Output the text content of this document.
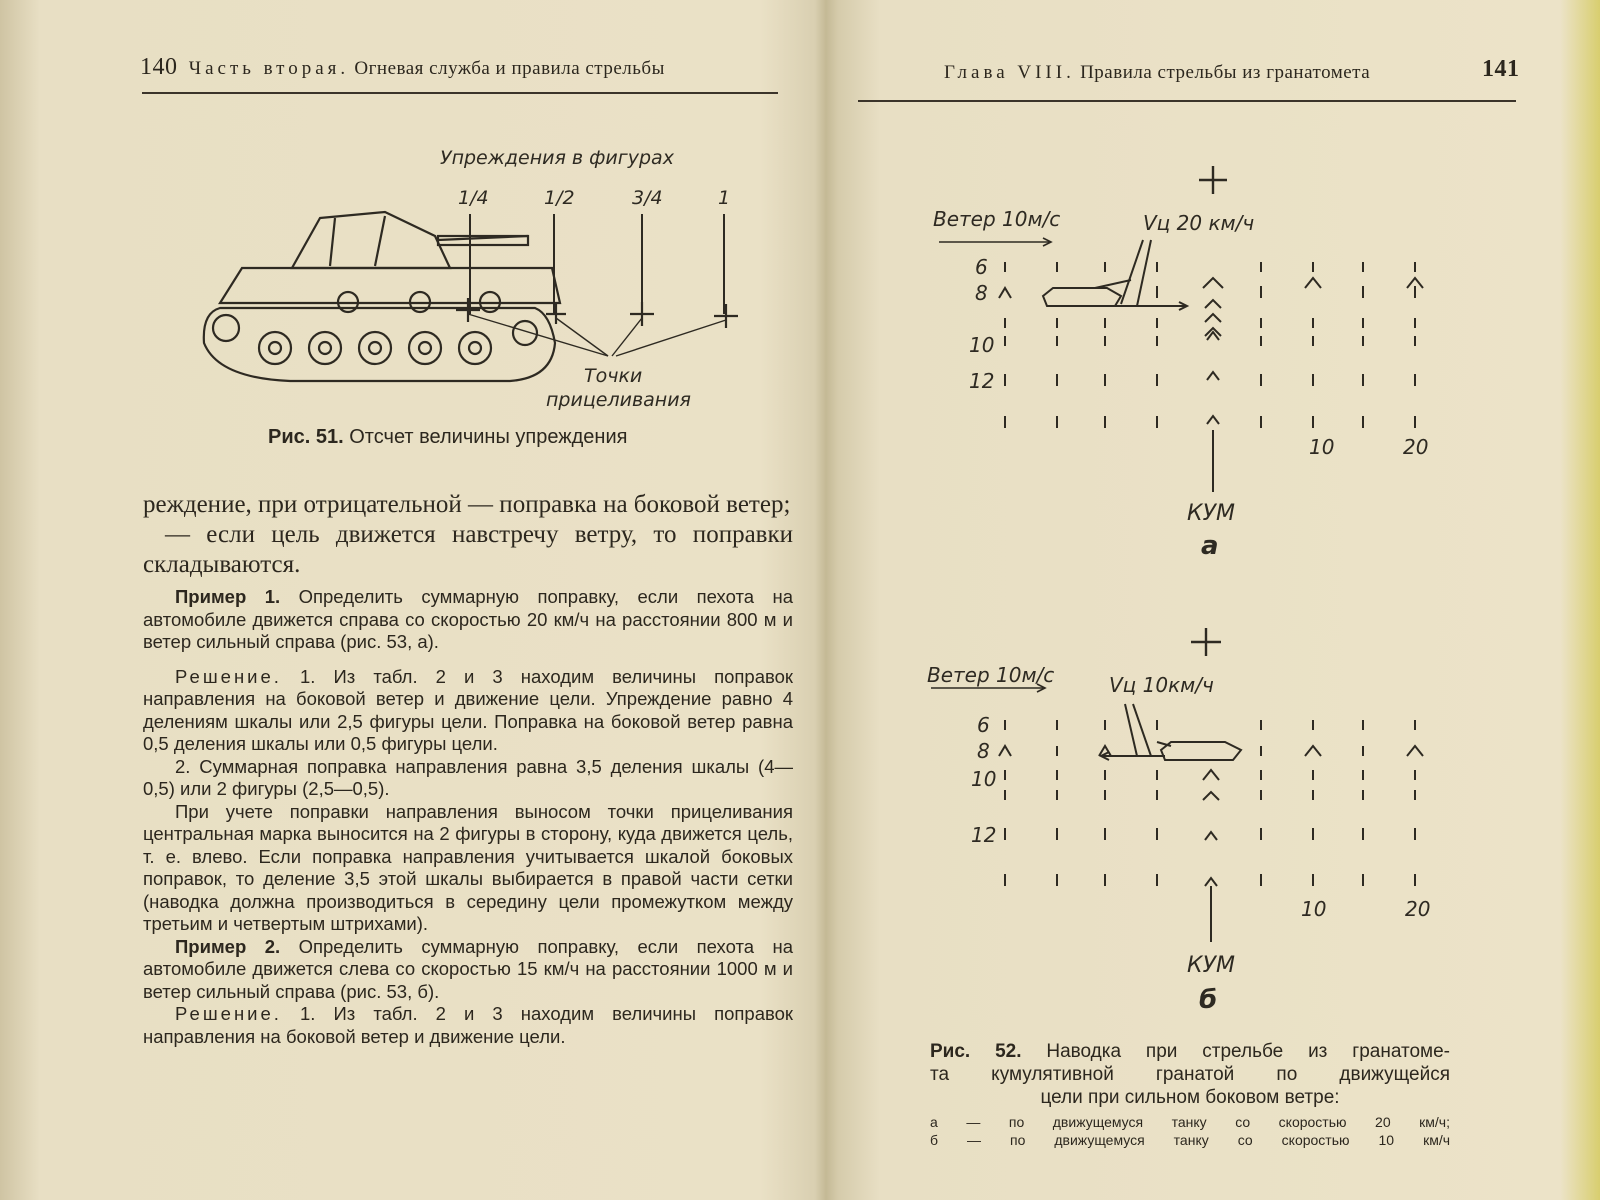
140 Часть вторая. Огневая служба и правила стрельбы
Упреждения в фигурах
1/4	1/2	3/4	1
Точки
прицеливания
Рис. 51. Отсчет величины упреждения

реждение, при отрицательной — поправка на боковой ветер;

— если цель движется навстречу ветру, то поправки складываются.

Пример 1. Определить суммарную поправку, если пехота на автомобиле движется справа со скоростью 20 км/ч на расстоянии 800 м и ветер сильный справа (рис. 53, а).

Решение. 1. Из табл. 2 и 3 находим величины поправок направления на боковой ветер и движение цели. Упреждение равно 4 делениям шкалы или 2,5 фигуры цели. Поправка на боковой ветер равна 0,5 деления шкалы или 0,5 фигуры цели.

2. Суммарная поправка направления равна 3,5 деления шкалы (4—0,5) или 2 фигуры (2,5—0,5).

При учете поправки направления выносом точки прицеливания центральная марка выносится на 2 фигуры в сторону, куда движется цель, т. е. влево. Если поправка направления учитывается шкалой боковых поправок, то деление 3,5 этой шкалы выбирается в правой части сетки (наводка должна производиться в середину цели промежутком между третьим и четвертым штрихами).

Пример 2. Определить суммарную поправку, если пехота на автомобиле движется слева со скоростью 15 км/ч на расстоянии 1000 м и ветер сильный справа (рис. 53, б).

Решение. 1. Из табл. 2 и 3 находим величины поправок направления на боковой ветер и движение цели.

Глава VIII. Правила стрельбы из гранатомета	141
Ветер 10м/с	Vц 20 км/ч
6
8
10
12
10	20
КУМ
а
Ветер 10м/с	Vц 10км/ч
6
8
10
12
10	20
КУМ
б
Рис. 52. Наводка при стрельбе из гранатоме-
та кумулятивной гранатой по движущейся
цели при сильном боковом ветре:
а — по движущемуся танку со скоростью 20 км/ч;
б — по движущемуся танку со скоростью 10 км/ч
